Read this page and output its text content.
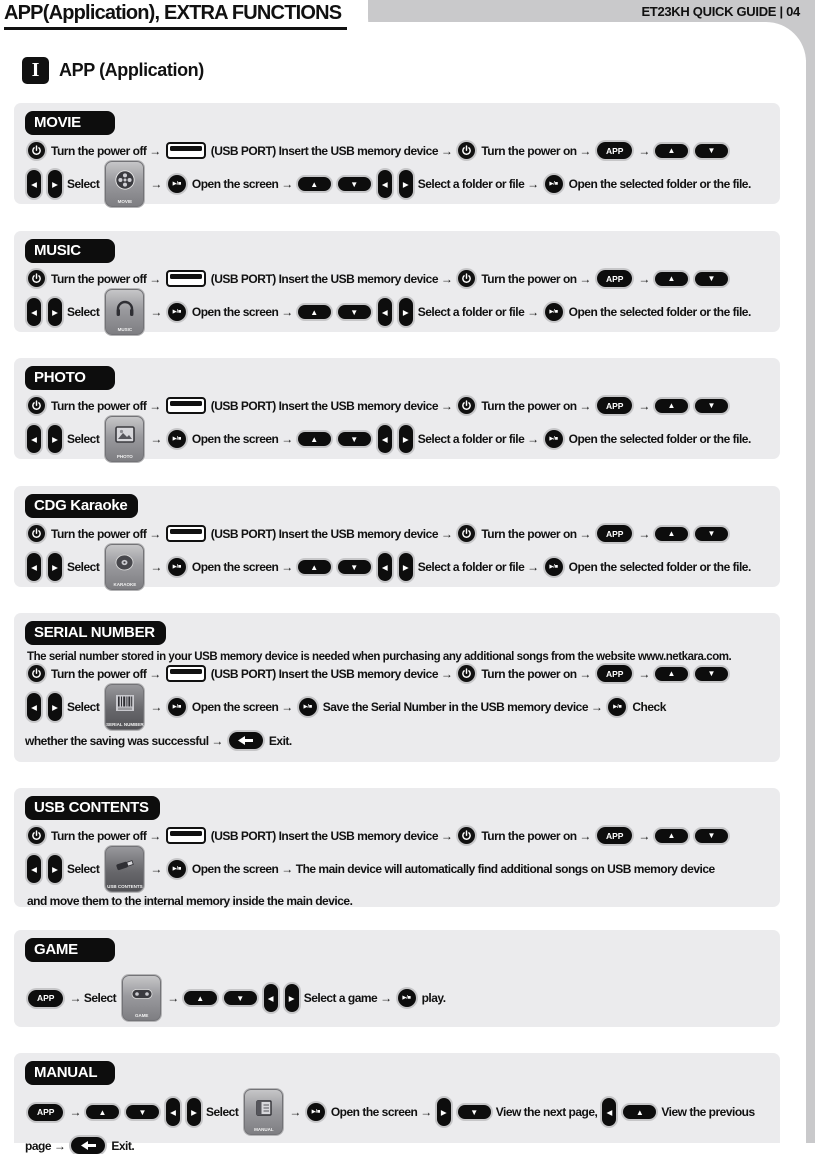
APP(Application), EXTRA FUNCTIONS	ET23KH QUICK GUIDE | 04
I	APP (Application)
MOVIE
Turn the power off →	(USB PORT) Insert the USB memory device → Turn the power on →	APP	→	▲	▼
◀	▶ Select
MOVIE
→	▶/■ Open the screen →	▲	▼	◀	▶ Select a folder or file →	▶/■ Open the selected folder or the file.
MUSIC
Turn the power off →	(USB PORT) Insert the USB memory device → Turn the power on →	APP	→	▲	▼
◀	▶ Select
MUSIC
→	▶/■ Open the screen →	▲	▼	◀	▶ Select a folder or file →	▶/■ Open the selected folder or the file.
PHOTO
Turn the power off →	(USB PORT) Insert the USB memory device → Turn the power on →	APP	→	▲	▼
◀	▶ Select
PHOTO
→	▶/■ Open the screen →	▲	▼	◀	▶ Select a folder or file →	▶/■ Open the selected folder or the file.
CDG Karaoke
Turn the power off →	(USB PORT) Insert the USB memory device → Turn the power on →	APP	→	▲	▼
◀	▶ Select
KARAOKE
→	▶/■ Open the screen →	▲	▼	◀	▶ Select a folder or file →	▶/■ Open the selected folder or the file.
SERIAL NUMBER
The serial number stored in your USB memory device is needed when purchasing any additional songs from the website www.netkara.com.
Turn the power off →	(USB PORT) Insert the USB memory device → Turn the power on →	APP	→	▲	▼
◀	▶ Select
SERIAL NUMBER
→	▶/■ Open the screen →	▶/■ Save the Serial Number in the USB memory device →	▶/■ Check
whether the saving was successful →	Exit.
USB CONTENTS
Turn the power off →	(USB PORT) Insert the USB memory device → Turn the power on →	APP	→	▲	▼
◀	▶ Select
USB CONTENTS
→	▶/■ Open the screen → The main device will automatically find additional songs on USB memory device
and move them to the internal memory inside the main device.
GAME
APP	→ Select
GAME
→	▲	▼	◀	▶ Select a game →	▶/■ play.
MANUAL
APP	→	▲	▼	◀	▶ Select
MANUAL
→	▶/■ Open the screen →	▶	▼	View the next page,	◀	▲	View the previous
page →	Exit.
